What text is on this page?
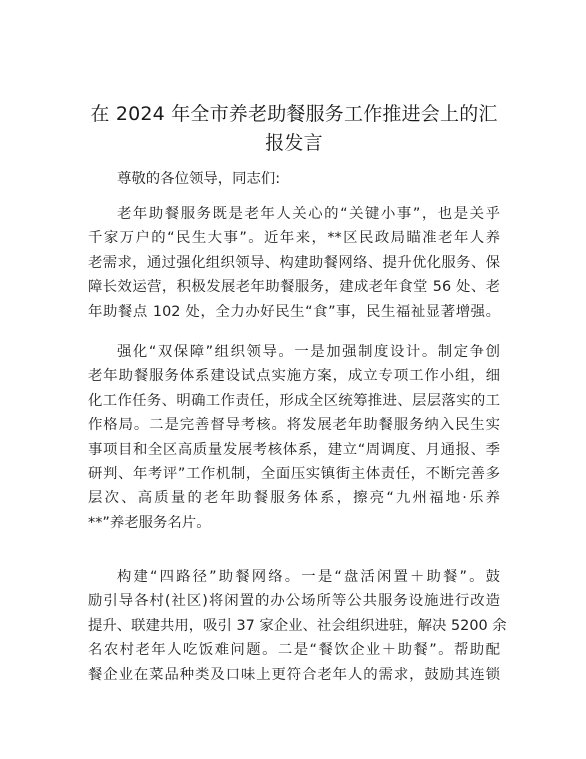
在 2024 年全市养老助餐服务工作推进会上的汇
报发言
尊敬的各位领导，同志们:
老年助餐服务既是老年人关心的“关键小事”，也是关乎
千家万户的“民生大事”。近年来，**区民政局瞄准老年人养
老需求，通过强化组织领导、构建助餐网络、提升优化服务、保
障长效运营，积极发展老年助餐服务，建成老年食堂 56 处、老
年助餐点 102 处，全力办好民生“食”事，民生福祉显著增强。
强化“双保障”组织领导。一是加强制度设计。制定争创
老年助餐服务体系建设试点实施方案，成立专项工作小组，细
化工作任务、明确工作责任，形成全区统筹推进、层层落实的工
作格局。二是完善督导考核。将发展老年助餐服务纳入民生实
事项目和全区高质量发展考核体系，建立“周调度、月通报、季
研判、年考评”工作机制，全面压实镇街主体责任，不断完善多
层次、高质量的老年助餐服务体系，擦亮“九州福地·乐养
**”养老服务名片。
构建“四路径”助餐网络。一是“盘活闲置＋助餐”。鼓
励引导各村(社区)将闲置的办公场所等公共服务设施进行改造
提升、联建共用，吸引 37 家企业、社会组织进驻，解决 5200 余
名农村老年人吃饭难问题。二是“餐饮企业＋助餐”。帮助配
餐企业在菜品种类及口味上更符合老年人的需求，鼓励其连锁
